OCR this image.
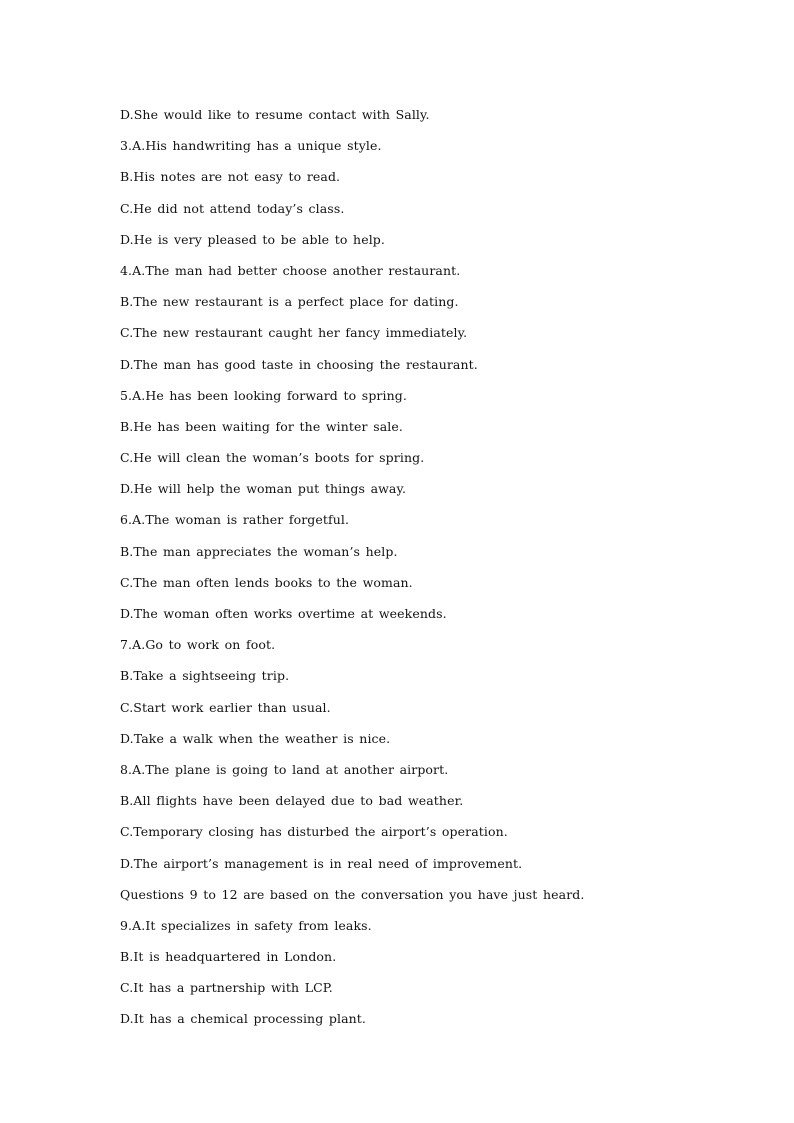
D.She would like to resume contact with Sally.
3.A.His handwriting has a unique style.
B.His notes are not easy to read.
C.He did not attend today’s class.
D.He is very pleased to be able to help.
4.A.The man had better choose another restaurant.
B.The new restaurant is a perfect place for dating.
C.The new restaurant caught her fancy immediately.
D.The man has good taste in choosing the restaurant.
5.A.He has been looking forward to spring.
B.He has been waiting for the winter sale.
C.He will clean the woman’s boots for spring.
D.He will help the woman put things away.
6.A.The woman is rather forgetful.
B.The man appreciates the woman’s help.
C.The man often lends books to the woman.
D.The woman often works overtime at weekends.
7.A.Go to work on foot.
B.Take a sightseeing trip.
C.Start work earlier than usual.
D.Take a walk when the weather is nice.
8.A.The plane is going to land at another airport.
B.All flights have been delayed due to bad weather.
C.Temporary closing has disturbed the airport’s operation.
D.The airport’s management is in real need of improvement.
Questions 9 to 12 are based on the conversation you have just heard.
9.A.It specializes in safety from leaks.
B.It is headquartered in London.
C.It has a partnership with LCP.
D.It has a chemical processing plant.
